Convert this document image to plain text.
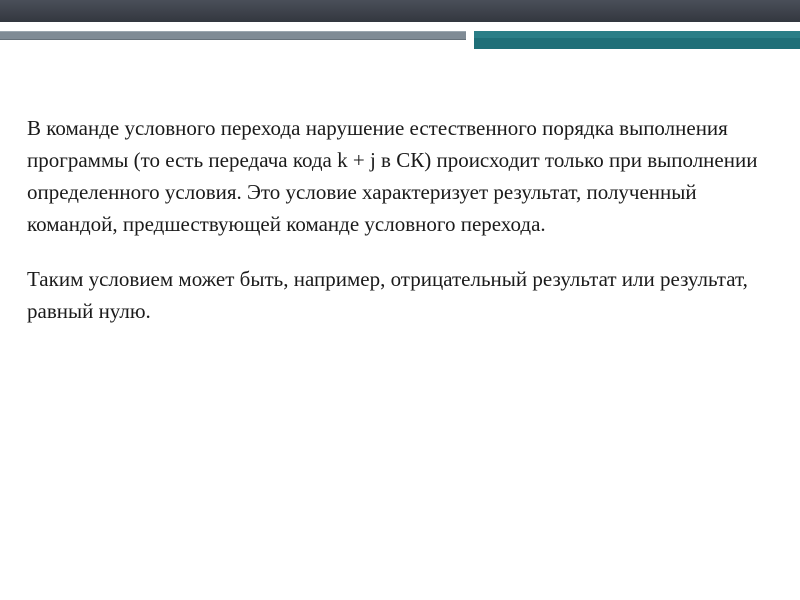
В команде условного перехода нарушение естественного порядка выполнения программы (то есть передача кода k + j в СК) происходит только при выполнении определенного условия. Это условие характеризует результат, полученный командой, предшествующей команде условного перехода.

Таким условием может быть, например, отрицательный результат или результат, равный нулю.
